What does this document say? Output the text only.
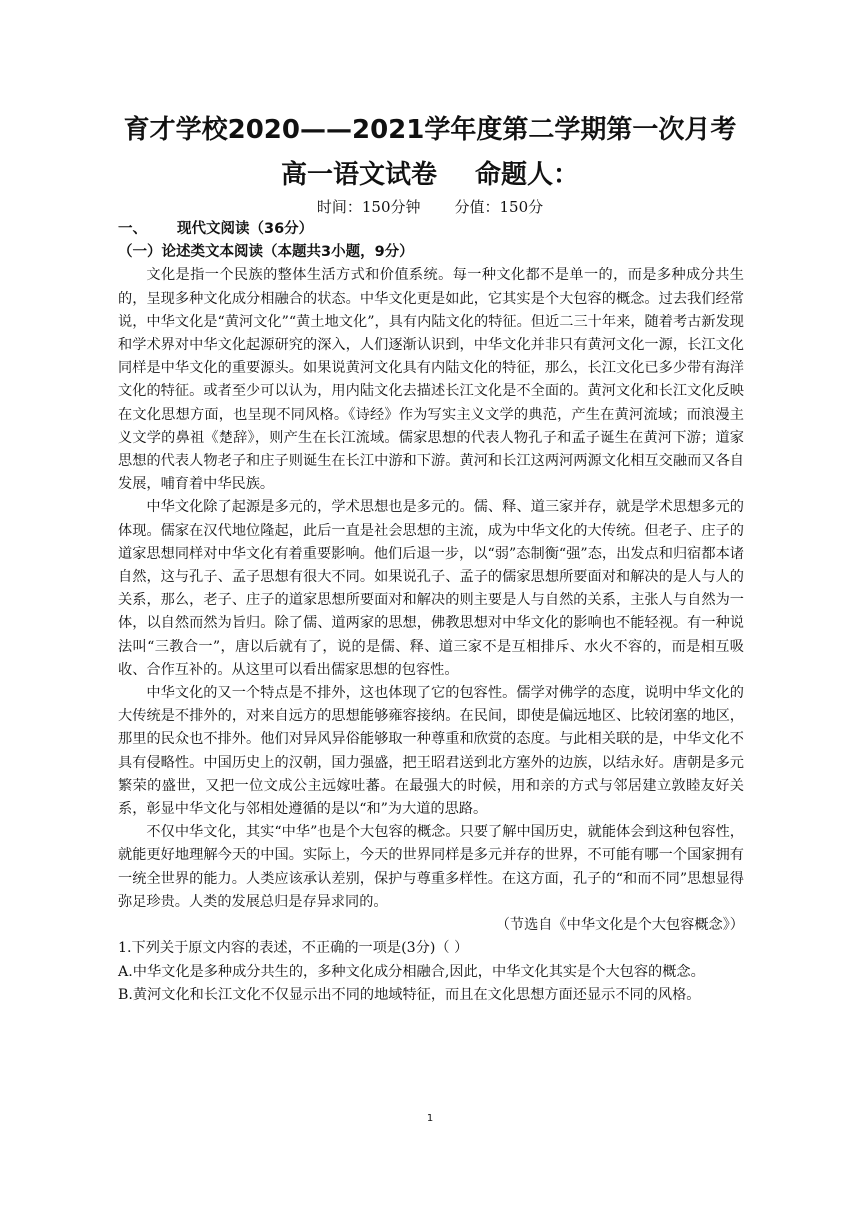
育才学校2020——2021学年度第二学期第一次月考
高一语文试卷 命题人：
时间：150分钟 分值：150分

一、 现代文阅读（36分）

（一）论述类文本阅读（本题共3小题，9分）

文化是指一个民族的整体生活方式和价值系统。每一种文化都不是单一的，而是多种成分共生的，呈现多种文化成分相融合的状态。中华文化更是如此，它其实是个大包容的概念。过去我们经常说，中华文化是“黄河文化”“黄土地文化”，具有内陆文化的特征。但近二三十年来，随着考古新发现和学术界对中华文化起源研究的深入，人们逐渐认识到，中华文化并非只有黄河文化一源，长江文化同样是中华文化的重要源头。如果说黄河文化具有内陆文化的特征，那么，长江文化已多少带有海洋文化的特征。或者至少可以认为，用内陆文化去描述长江文化是不全面的。黄河文化和长江文化反映在文化思想方面，也呈现不同风格。《诗经》作为写实主义文学的典范，产生在黄河流域；而浪漫主义文学的鼻祖《楚辞》，则产生在长江流域。儒家思想的代表人物孔子和孟子诞生在黄河下游；道家思想的代表人物老子和庄子则诞生在长江中游和下游。黄河和长江这两河两源文化相互交融而又各自发展，哺育着中华民族。

中华文化除了起源是多元的，学术思想也是多元的。儒、释、道三家并存，就是学术思想多元的体现。儒家在汉代地位隆起，此后一直是社会思想的主流，成为中华文化的大传统。但老子、庄子的道家思想同样对中华文化有着重要影响。他们后退一步，以“弱”态制衡“强”态，出发点和归宿都本诸自然，这与孔子、孟子思想有很大不同。如果说孔子、孟子的儒家思想所要面对和解决的是人与人的关系，那么，老子、庄子的道家思想所要面对和解决的则主要是人与自然的关系，主张人与自然为一体，以自然而然为旨归。除了儒、道两家的思想，佛教思想对中华文化的影响也不能轻视。有一种说法叫“三教合一”，唐以后就有了，说的是儒、释、道三家不是互相排斥、水火不容的，而是相互吸收、合作互补的。从这里可以看出儒家思想的包容性。

中华文化的又一个特点是不排外，这也体现了它的包容性。儒学对佛学的态度，说明中华文化的大传统是不排外的，对来自远方的思想能够雍容接纳。在民间，即使是偏远地区、比较闭塞的地区，那里的民众也不排外。他们对异风异俗能够取一种尊重和欣赏的态度。与此相关联的是，中华文化不具有侵略性。中国历史上的汉朝，国力强盛，把王昭君送到北方塞外的边族，以结永好。唐朝是多元繁荣的盛世，又把一位文成公主远嫁吐蕃。在最强大的时候，用和亲的方式与邻居建立敦睦友好关系，彰显中华文化与邻相处遵循的是以“和”为大道的思路。

不仅中华文化，其实“中华”也是个大包容的概念。只要了解中国历史，就能体会到这种包容性，就能更好地理解今天的中国。实际上，今天的世界同样是多元并存的世界，不可能有哪一个国家拥有一统全世界的能力。人类应该承认差别，保护与尊重多样性。在这方面，孔子的“和而不同”思想显得弥足珍贵。人类的发展总归是存异求同的。

（节选自《中华文化是个大包容概念》）

1.下列关于原文内容的表述，不正确的一项是(3分)（ ）

A.中华文化是多种成分共生的，多种文化成分相融合,因此，中华文化其实是个大包容的概念。

B.黄河文化和长江文化不仅显示出不同的地域特征，而且在文化思想方面还显示不同的风格。

1
